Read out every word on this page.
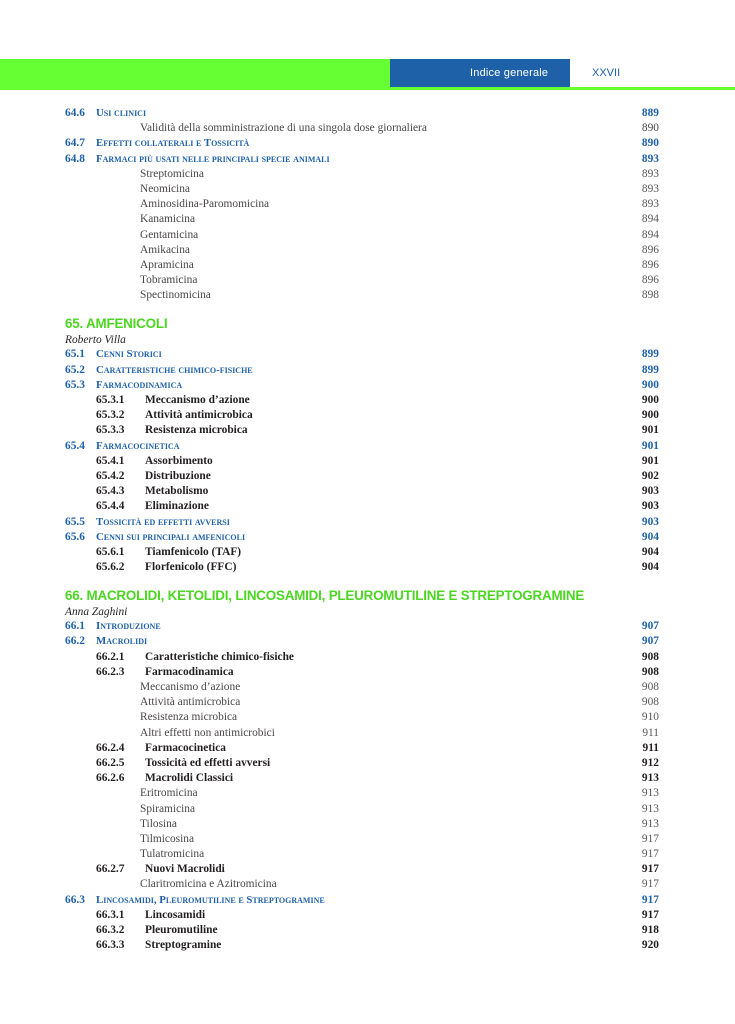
Indice generale	XXVII
64.6 Usi clinici	889
Validità della somministrazione di una singola dose giornaliera	890
64.7 Effetti collaterali e Tossicità	890
64.8 Farmaci più usati nelle principali specie animali	893
Streptomicina	893
Neomicina	893
Aminosidina-Paromomicina	893
Kanamicina	894
Gentamicina	894
Amikacina	896
Apramicina	896
Tobramicina	896
Spectinomicina	898
65. AMFENICOLI
Roberto Villa
65.1 Cenni Storici	899
65.2 Caratteristiche chimico-fisiche	899
65.3 Farmacodinamica	900
65.3.1 Meccanismo d’azione	900
65.3.2 Attività antimicrobica	900
65.3.3 Resistenza microbica	901
65.4 Farmacocinetica	901
65.4.1 Assorbimento	901
65.4.2 Distribuzione	902
65.4.3 Metabolismo	903
65.4.4 Eliminazione	903
65.5 Tossicità ed effetti avversi	903
65.6 Cenni sui principali amfenicoli	904
65.6.1 Tiamfenicolo (TAF)	904
65.6.2 Florfenicolo (FFC)	904
66. MACROLIDI, KETOLIDI, LINCOSAMIDI, PLEUROMUTILINE E STREPTOGRAMINE
Anna Zaghini
66.1 Introduzione	907
66.2 Macrolidi	907
66.2.1 Caratteristiche chimico-fisiche	908
66.2.3 Farmacodinamica	908
Meccanismo d’azione	908
Attività antimicrobica	908
Resistenza microbica	910
Altri effetti non antimicrobici	911
66.2.4 Farmacocinetica	911
66.2.5 Tossicità ed effetti avversi	912
66.2.6 Macrolidi Classici	913
Eritromicina	913
Spiramicina	913
Tilosina	913
Tilmicosina	917
Tulatromicina	917
66.2.7 Nuovi Macrolidi	917
Claritromicina e Azitromicina	917
66.3 Lincosamidi, Pleuromutiline e Streptogramine	917
66.3.1 Lincosamidi	917
66.3.2 Pleuromutiline	918
66.3.3 Streptogramine	920
